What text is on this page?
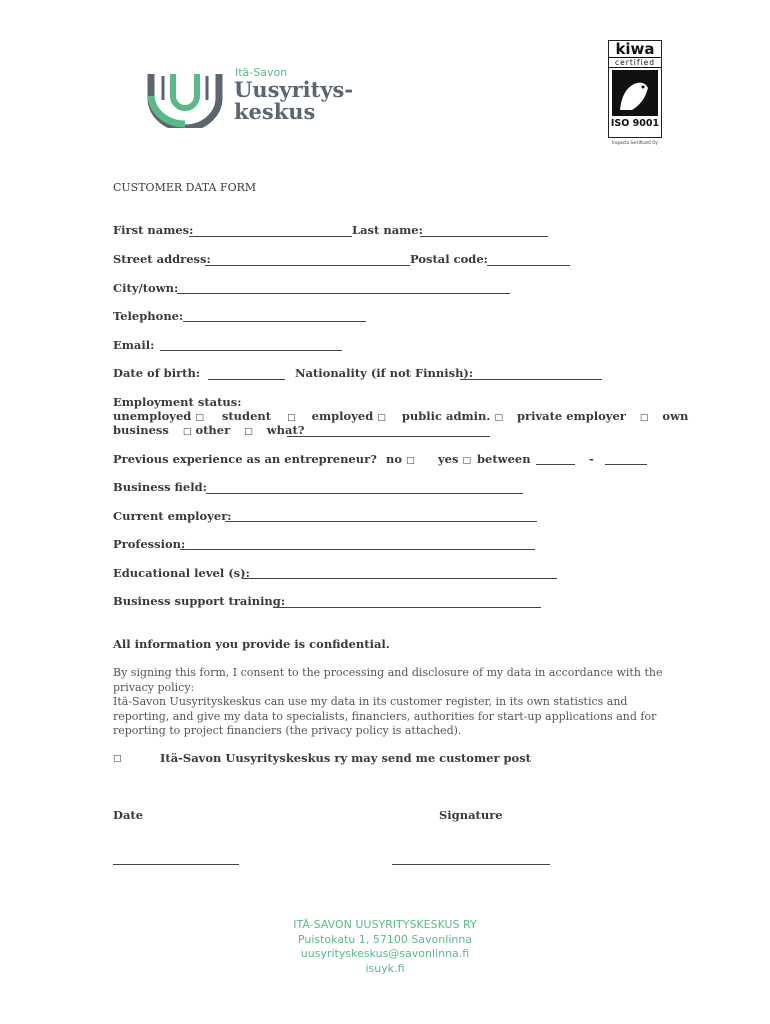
Itä-Savon
Uusyritys-
keskus
kiwa
certified
ISO 9001
Inspecta Sertifiointi Oy
CUSTOMER DATA FORM
First names:	Last name:
Street address:	Postal code:
City/town:
Telephone:
Email:
Date of birth:	Nationality (if not Finnish):
Employment status:
unemployed □ student □ employed □ public admin. □ private employer □ own
business □ other □ what?
Previous experience as an entrepreneur? no □ yes □ between	-
Business field:
Current employer:
Profession:
Educational level (s):
Business support training:
All information you provide is confidential.
By signing this form, I consent to the processing and disclosure of my data in accordance with the
privacy policy:
Itä-Savon Uusyrityskeskus can use my data in its customer register, in its own statistics and
reporting, and give my data to specialists, financiers, authorities for start-up applications and for
reporting to project financiers (the privacy policy is attached).
□	Itä-Savon Uusyrityskeskus ry may send me customer post
Date	Signature
ITÄ-SAVON UUSYRITYSKESKUS RY
Puistokatu 1, 57100 Savonlinna
uusyrityskeskus@savonlinna.fi
isuyk.fi
